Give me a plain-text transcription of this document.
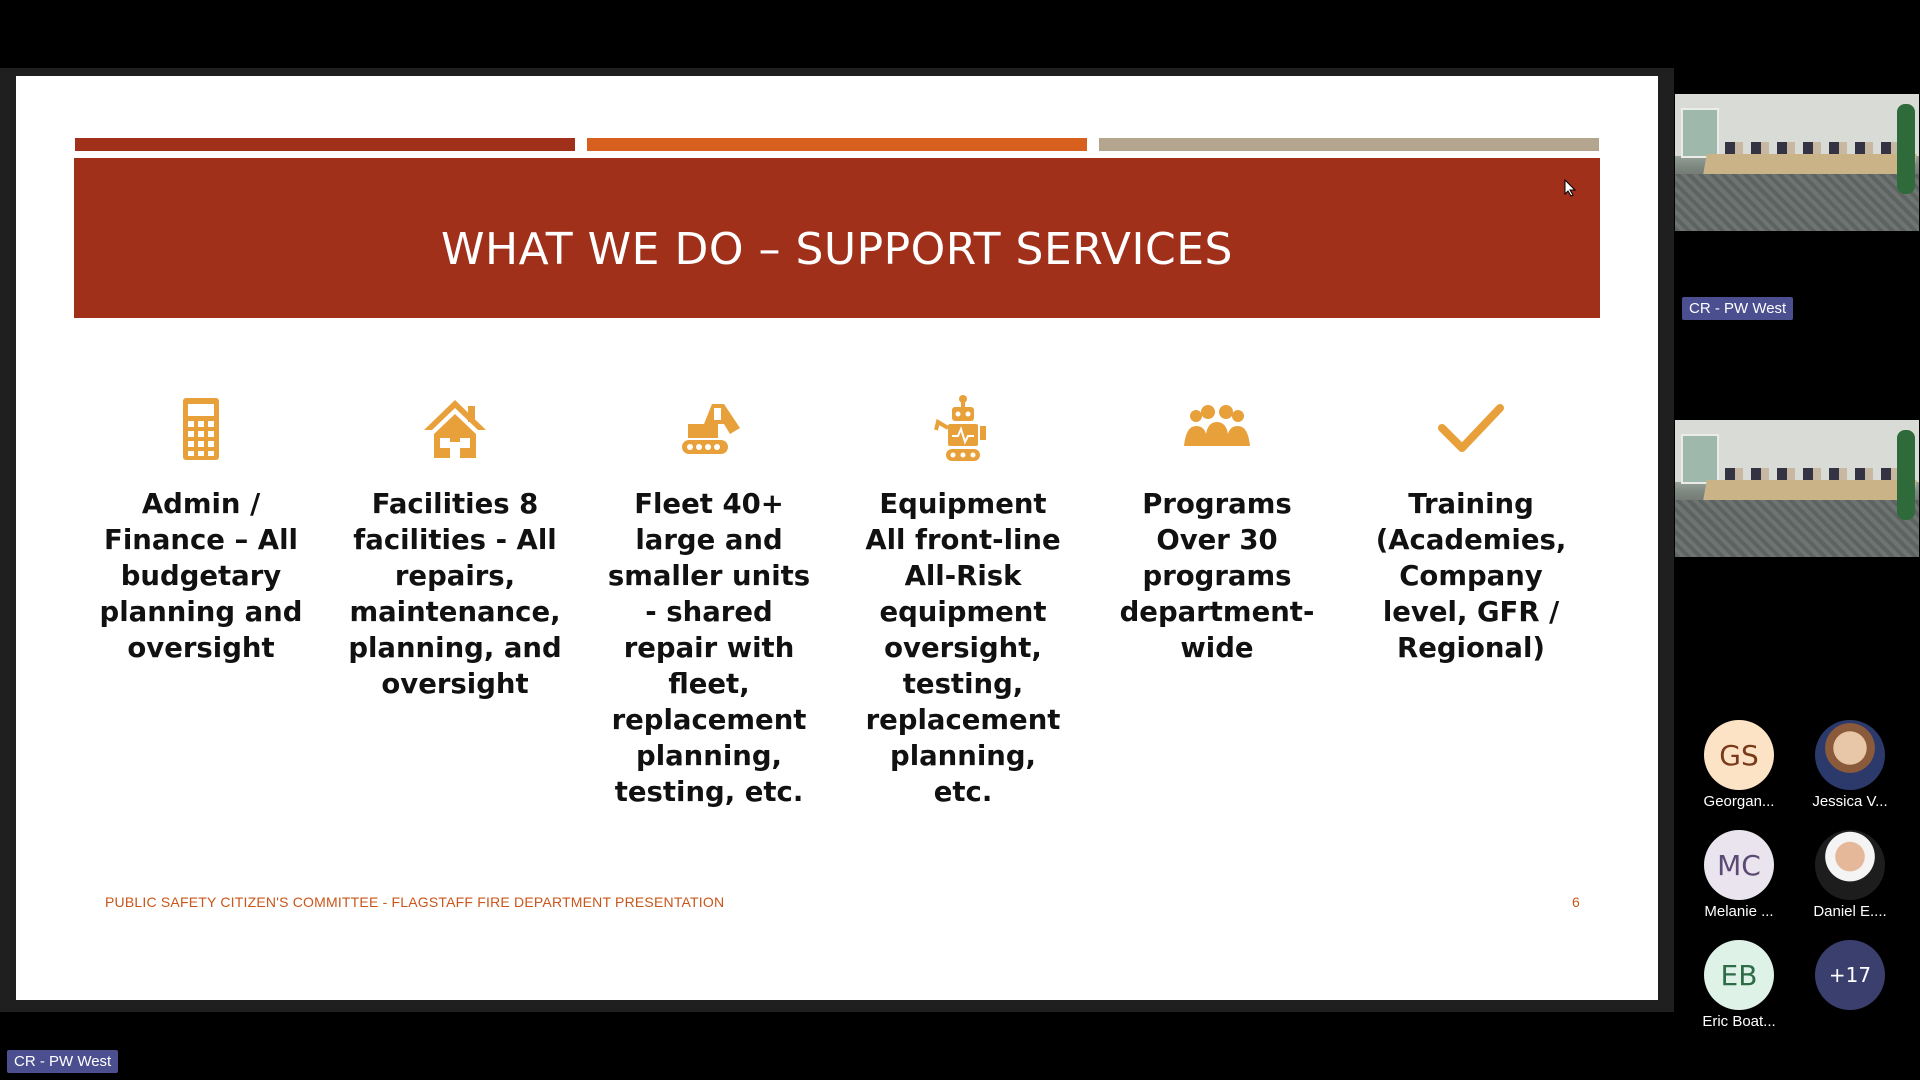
WHAT WE DO – SUPPORT SERVICES
Admin / Finance – All budgetary planning and oversight
Facilities 8 facilities - All repairs, maintenance, planning, and oversight
Fleet 40+ large and smaller units - shared repair with fleet, replacement planning, testing, etc.
Equipment All front-line All-Risk equipment oversight, testing, replacement planning, etc.
Programs Over 30 programs department-wide
Training (Academies, Company level, GFR / Regional)
PUBLIC SAFETY CITIZEN'S COMMITTEE - FLAGSTAFF FIRE DEPARTMENT PRESENTATION	6
CR - PW West
GS
Georgan...	Jessica V...
MC
Melanie ...	Daniel E....
EB
Eric Boat...
+17
CR - PW West
